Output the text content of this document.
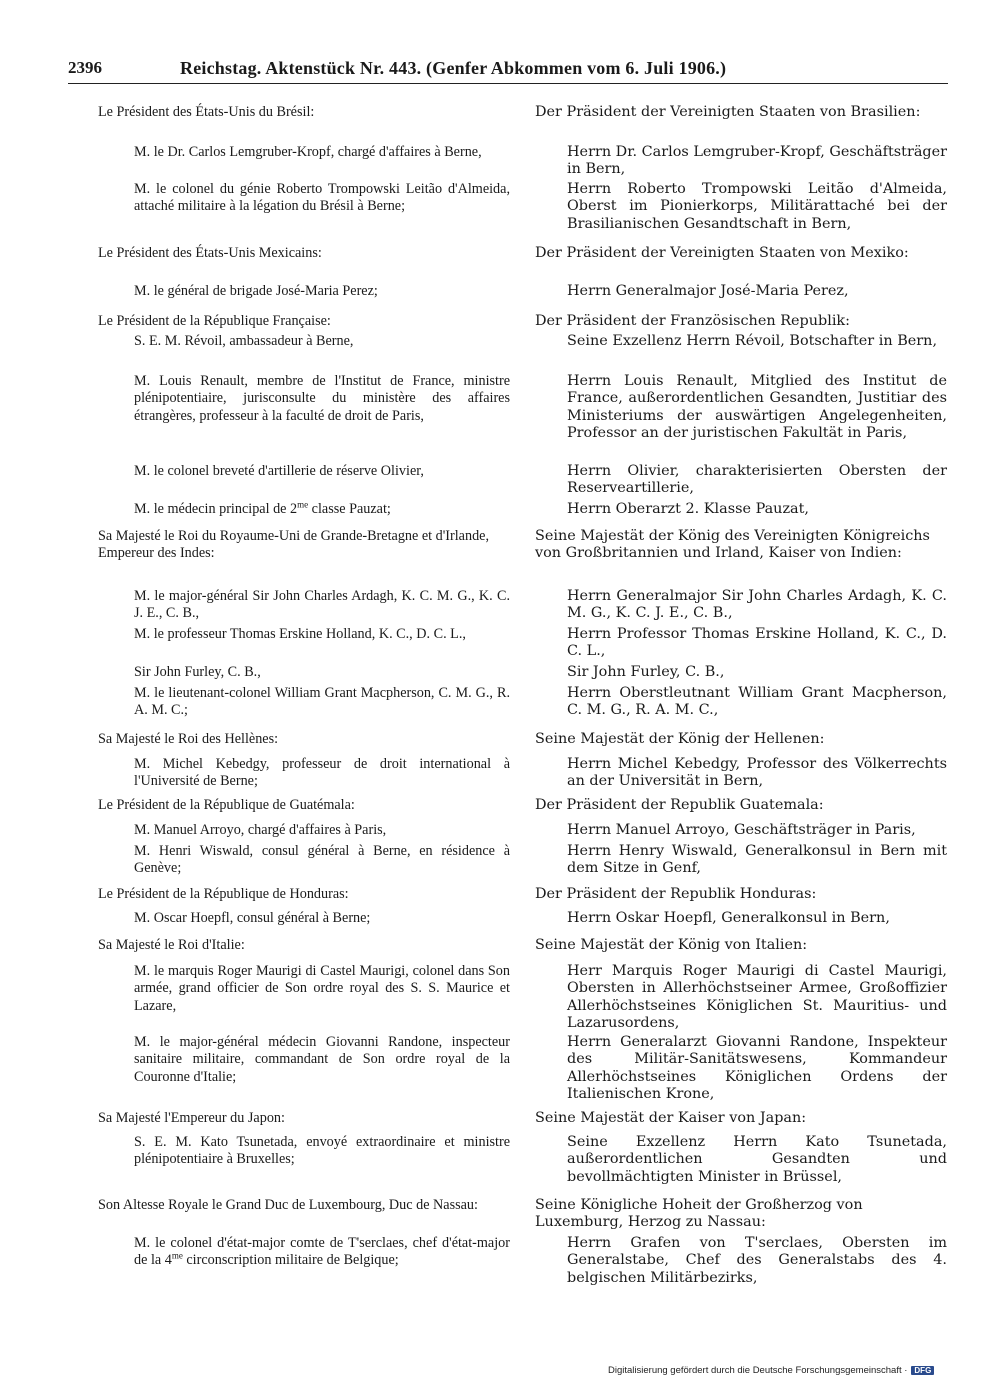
2396	Reichstag. Aktenstück Nr. 443. (Genfer Abkommen vom 6. Juli 1906.)

Le Président des États-Unis du Brésil:

M. le Dr. Carlos Lemgruber-Kropf, chargé d'affaires à Berne,

M. le colonel du génie Roberto Trompowski Leitão d'Almeida, attaché militaire à la légation du Brésil à Berne;

Le Président des États-Unis Mexicains:

M. le général de brigade José-Maria Perez;

Le Président de la République Française:

S. E. M. Révoil, ambassadeur à Berne,

M. Louis Renault, membre de l'Institut de France, ministre plénipotentiaire, jurisconsulte du ministère des affaires étrangères, professeur à la faculté de droit de Paris,

M. le colonel breveté d'artillerie de réserve Olivier,

M. le médecin principal de $2^{me}$ classe Pauzat;

Sa Majesté le Roi du Royaume-Uni de Grande-Bretagne et d'Irlande, Empereur des Indes:

M. le major-général Sir John Charles Ardagh, K. C. M. G., K. C. J. E., C. B.,

M. le professeur Thomas Erskine Holland, K. C., D. C. L.,

Sir John Furley, C. B.,

M. le lieutenant-colonel William Grant Macpherson, C. M. G., R. A. M. C.;

Sa Majesté le Roi des Hellènes:

M. Michel Kebedgy, professeur de droit international à l'Université de Berne;

Le Président de la République de Guatémala:

M. Manuel Arroyo, chargé d'affaires à Paris,

M. Henri Wiswald, consul général à Berne, en résidence à Genève;

Le Président de la République de Honduras:

M. Oscar Hoepfl, consul général à Berne;

Sa Majesté le Roi d'Italie:

M. le marquis Roger Maurigi di Castel Maurigi, colonel dans Son armée, grand officier de Son ordre royal des S. S. Maurice et Lazare,

M. le major-général médecin Giovanni Randone, inspecteur sanitaire militaire, commandant de Son ordre royal de la Couronne d'Italie;

Sa Majesté l'Empereur du Japon:

S. E. M. Kato Tsunetada, envoyé extraordinaire et ministre plénipotentiaire à Bruxelles;

Son Altesse Royale le Grand Duc de Luxembourg, Duc de Nassau:

M. le colonel d'état-major comte de T'serclaes, chef d'état-major de la $4^{me}$ circonscription militaire de Belgique;

Der Präsident der Vereinigten Staaten von Brasilien:

Herrn Dr. Carlos Lemgruber-Kropf, Geschäftsträger in Bern,

Herrn Roberto Trompowski Leitão d'Almeida, Oberst im Pionierkorps, Militärattaché bei der Brasilianischen Gesandtschaft in Bern,

Der Präsident der Vereinigten Staaten von Mexiko:

Herrn Generalmajor José-Maria Perez,

Der Präsident der Französischen Republik:

Seine Exzellenz Herrn Révoil, Botschafter in Bern,

Herrn Louis Renault, Mitglied des Institut de France, außerordentlichen Gesandten, Justitiar des Ministeriums der auswärtigen Angelegenheiten, Professor an der juristischen Fakultät in Paris,

Herrn Olivier, charakterisierten Obersten der Reserveartillerie,

Herrn Oberarzt 2. Klasse Pauzat,

Seine Majestät der König des Vereinigten Königreichs von Großbritannien und Irland, Kaiser von Indien:

Herrn Generalmajor Sir John Charles Ardagh, K. C. M. G., K. C. J. E., C. B.,

Herrn Professor Thomas Erskine Holland, K. C., D. C. L.,

Sir John Furley, C. B.,

Herrn Oberstleutnant William Grant Macpherson, C. M. G., R. A. M. C.,

Seine Majestät der König der Hellenen:

Herrn Michel Kebedgy, Professor des Völkerrechts an der Universität in Bern,

Der Präsident der Republik Guatemala:

Herrn Manuel Arroyo, Geschäftsträger in Paris,

Herrn Henry Wiswald, Generalkonsul in Bern mit dem Sitze in Genf,

Der Präsident der Republik Honduras:

Herrn Oskar Hoepfl, Generalkonsul in Bern,

Seine Majestät der König von Italien:

Herr Marquis Roger Maurigi di Castel Maurigi, Obersten in Allerhöchstseiner Armee, Großoffizier Allerhöchstseines Königlichen St. Mauritius- und Lazarusordens,

Herrn Generalarzt Giovanni Randone, Inspekteur des Militär-Sanitätswesens, Kommandeur Allerhöchstseines Königlichen Ordens der Italienischen Krone,

Seine Majestät der Kaiser von Japan:

Seine Exzellenz Herrn Kato Tsunetada, außerordentlichen Gesandten und bevollmächtigten Minister in Brüssel,

Seine Königliche Hoheit der Großherzog von Luxemburg, Herzog zu Nassau:

Herrn Grafen von T'serclaes, Obersten im Generalstabe, Chef des Generalstabs des 4. belgischen Militärbezirks,

Digitalisierung gefördert durch die Deutsche Forschungsgemeinschaft · DFG
